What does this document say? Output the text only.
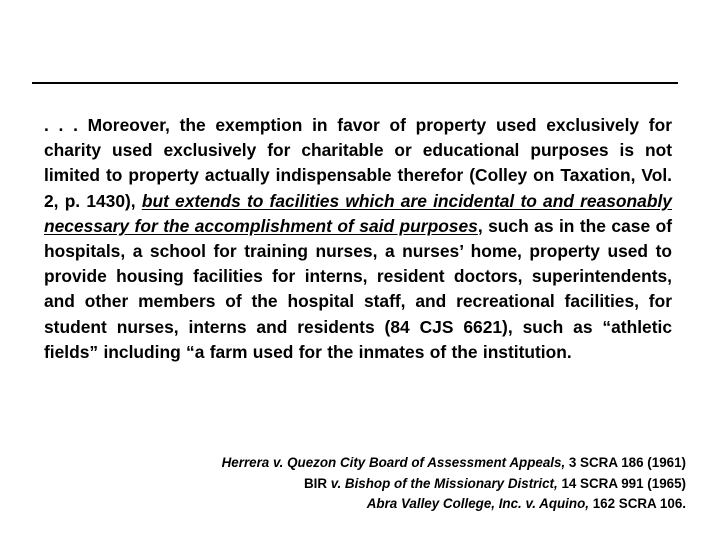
. . . Moreover, the exemption in favor of property used exclusively for charity used exclusively for charitable or educational purposes is not limited to property actually indispensable therefor (Colley on Taxation, Vol. 2, p. 1430), but extends to facilities which are incidental to and reasonably necessary for the accomplishment of said purposes, such as in the case of hospitals, a school for training nurses, a nurses’ home, property used to provide housing facilities for interns, resident doctors, superintendents, and other members of the hospital staff, and recreational facilities, for student nurses, interns and residents (84 CJS 6621), such as “athletic fields” including “a farm used for the inmates of the institution.

Herrera v. Quezon City Board of Assessment Appeals, 3 SCRA 186 (1961)
BIR v. Bishop of the Missionary District, 14 SCRA 991 (1965)
Abra Valley College, Inc. v. Aquino, 162 SCRA 106.
